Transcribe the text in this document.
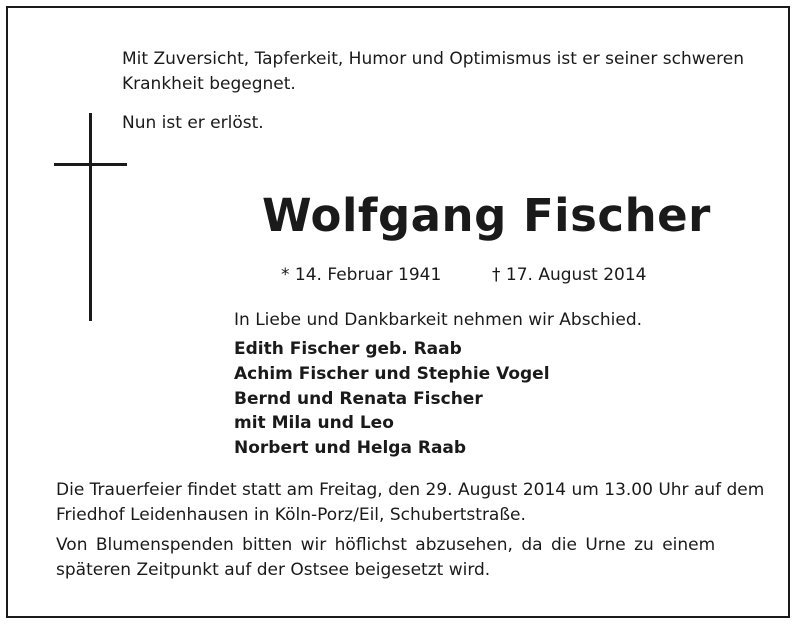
Mit Zuversicht, Tapferkeit, Humor und Optimismus ist er seiner schweren
Krankheit begegnet.
Nun ist er erlöst.
Wolfgang Fischer
* 14. Februar 1941	† 17. August 2014
In Liebe und Dankbarkeit nehmen wir Abschied.
Edith Fischer geb. Raab
Achim Fischer und Stephie Vogel
Bernd und Renata Fischer
mit Mila und Leo
Norbert und Helga Raab
Die Trauerfeier findet statt am Freitag, den 29. August 2014 um 13.00 Uhr auf dem
Friedhof Leidenhausen in Köln-Porz/Eil, Schubertstraße.
Von Blumenspenden bitten wir höflichst abzusehen, da die Urne zu einem
späteren Zeitpunkt auf der Ostsee beigesetzt wird.
